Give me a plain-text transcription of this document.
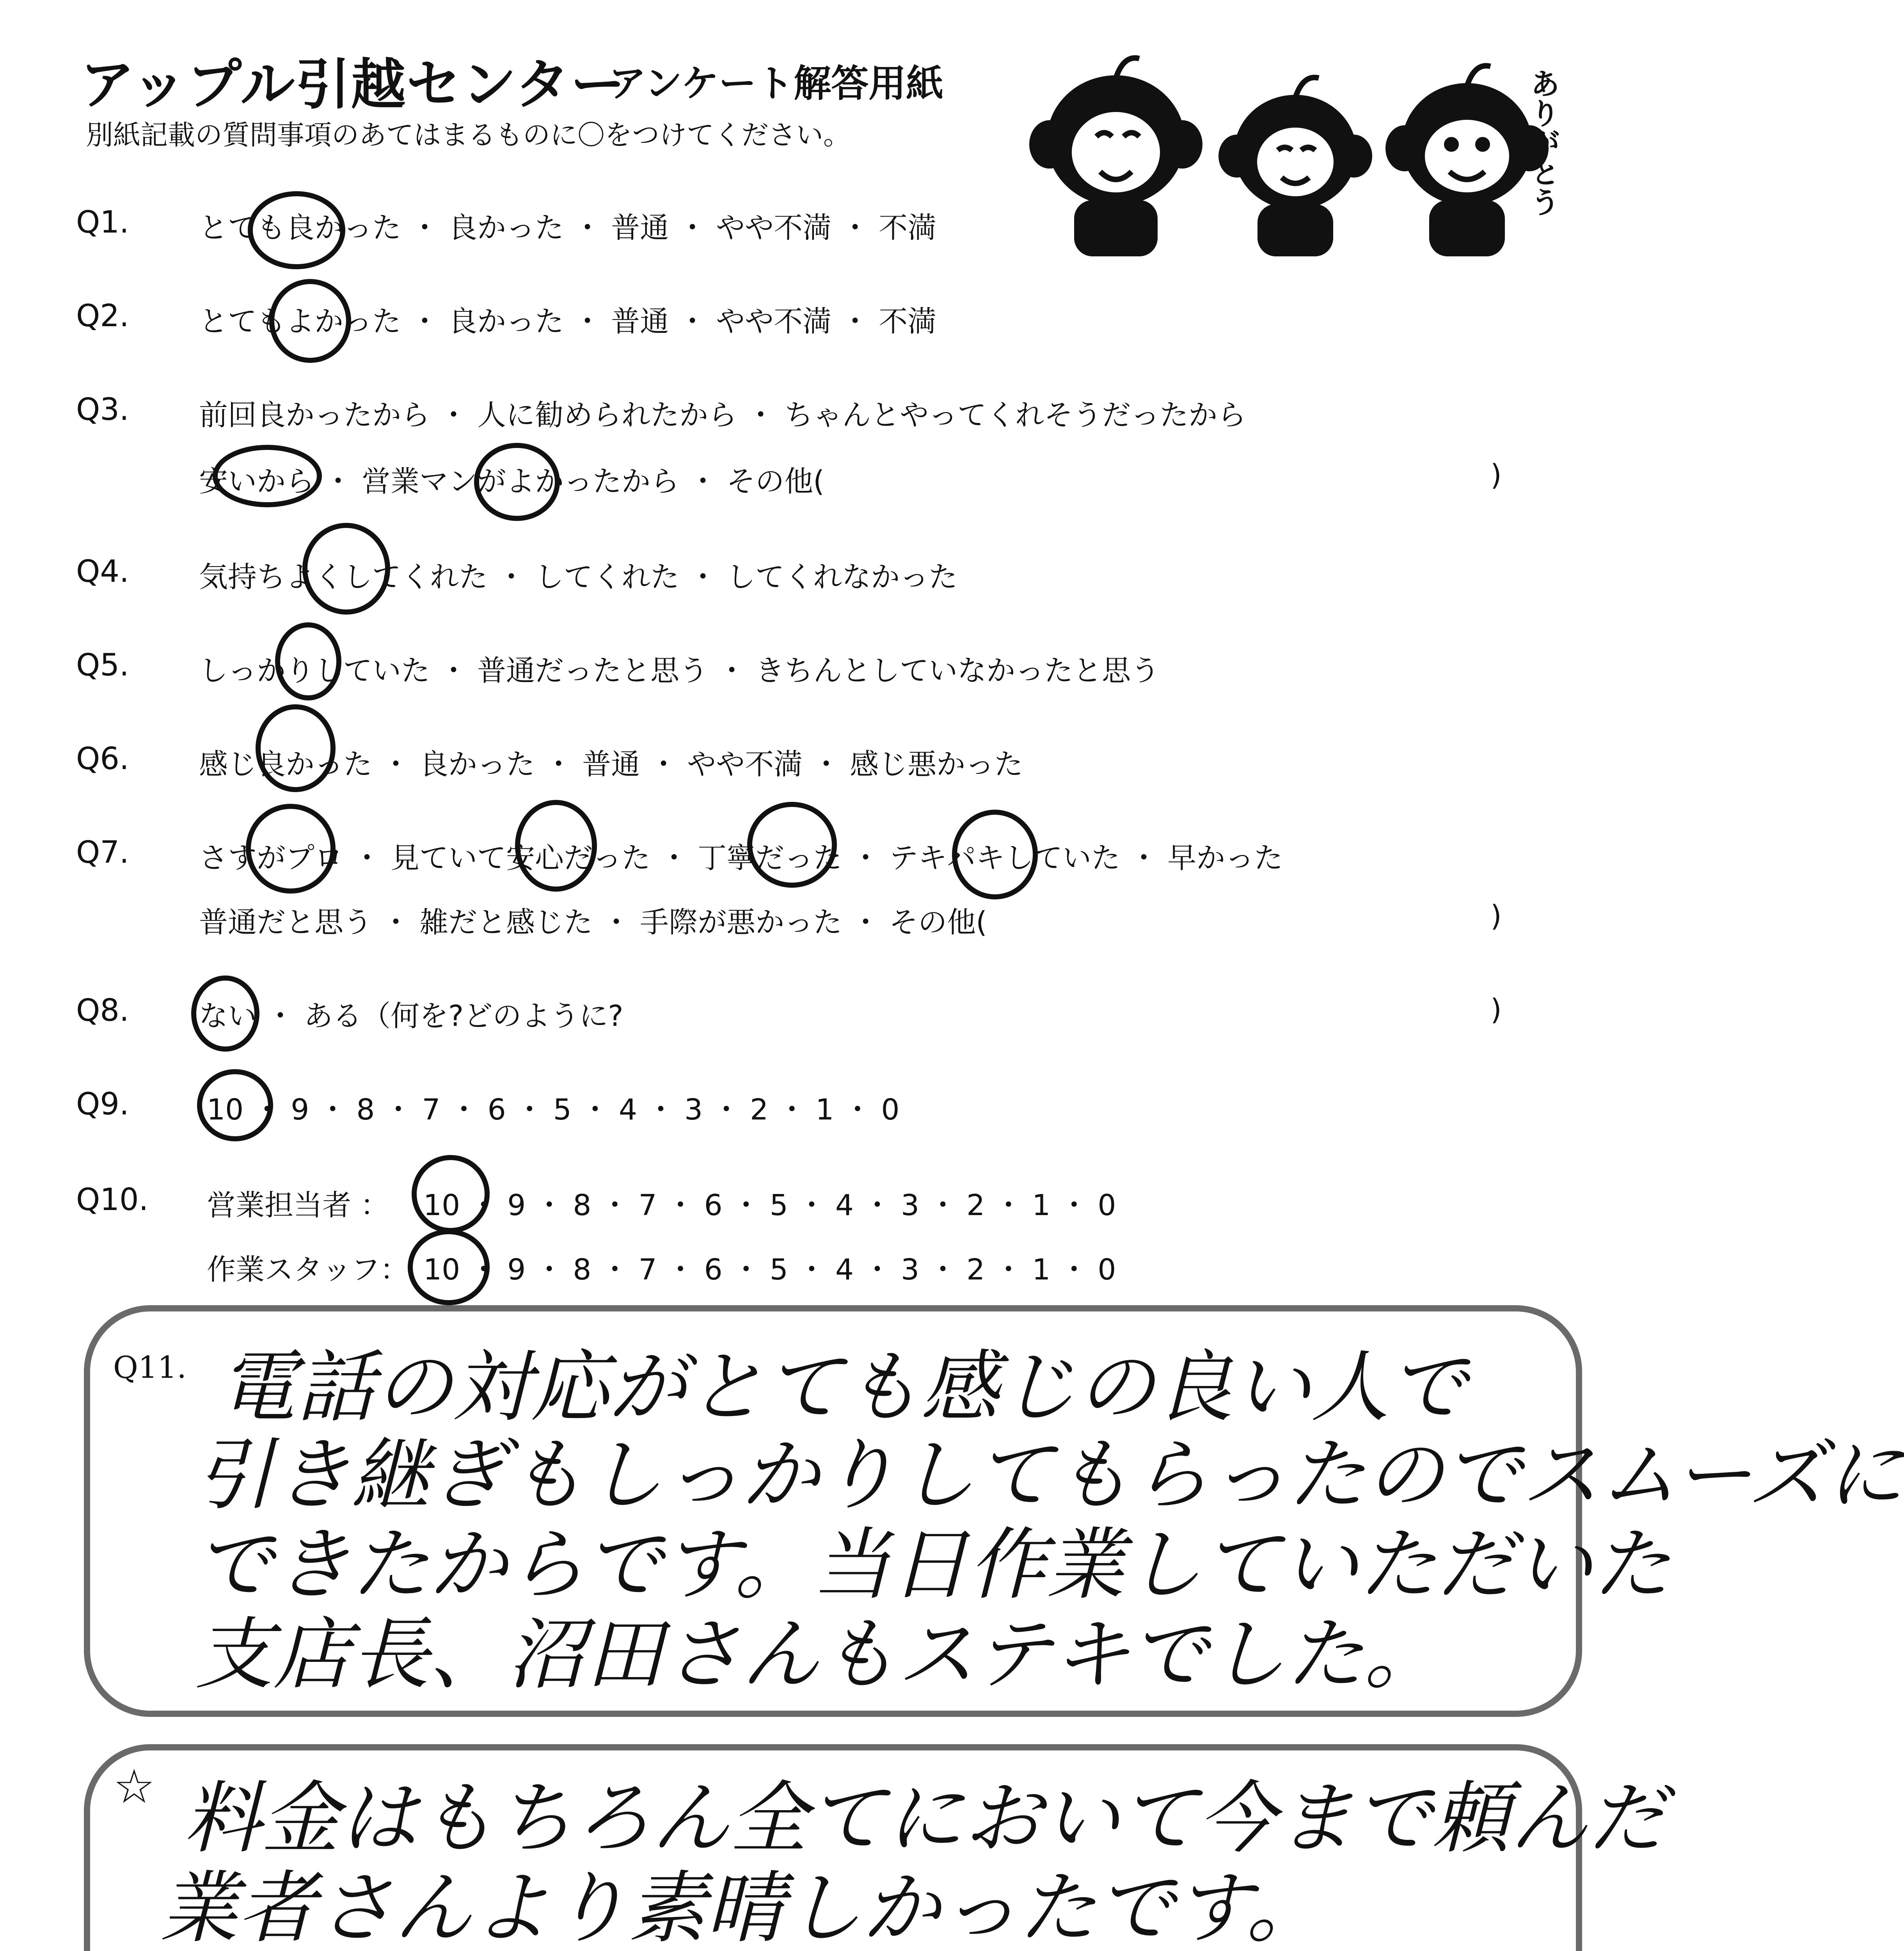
アップル引越センター
アンケート解答用紙
別紙記載の質問事項のあてはまるものに〇をつけてください。	ありがとう
Q1. とても良かった ・ 良かった ・ 普通 ・ やや不満 ・ 不満
Q2. とてもよかった ・ 良かった ・ 普通 ・ やや不満 ・ 不満
Q3. 前回良かったから ・ 人に勧められたから ・ ちゃんとやってくれそうだったから
安いから ・ 営業マンがよかったから ・ その他(	)
Q4. 気持ちよくしてくれた ・ してくれた ・ してくれなかった
Q5. しっかりしていた ・ 普通だったと思う ・ きちんとしていなかったと思う
Q6. 感じ良かった ・ 良かった ・ 普通 ・ やや不満 ・ 感じ悪かった
Q7. さすがプロ ・ 見ていて安心だった ・ 丁寧だった ・ テキパキしていた ・ 早かった
普通だと思う ・ 雑だと感じた ・ 手際が悪かった ・ その他(	)
Q8. ない ・ ある（何を?どのように?	)
Q9.	10 ・ 9 ・ 8 ・ 7 ・ 6 ・ 5 ・ 4 ・ 3 ・ 2 ・ 1 ・ 0
Q10. 営業担当者 ： 10 ・ 9 ・ 8 ・ 7 ・ 6 ・ 5 ・ 4 ・ 3 ・ 2 ・ 1 ・ 0
作業スタッフ： 10 ・ 9 ・ 8 ・ 7 ・ 6 ・ 5 ・ 4 ・ 3 ・ 2 ・ 1 ・ 0
Q11. 電話の対応がとても感じの良い人で
引き継ぎもしっかりしてもらったのでスムーズに
できたからです。当日作業していただいた
支店長、沼田さんもステキでした。
☆ 料金はもちろん全てにおいて今まで頼んだ
業者さんより素晴しかったです。
